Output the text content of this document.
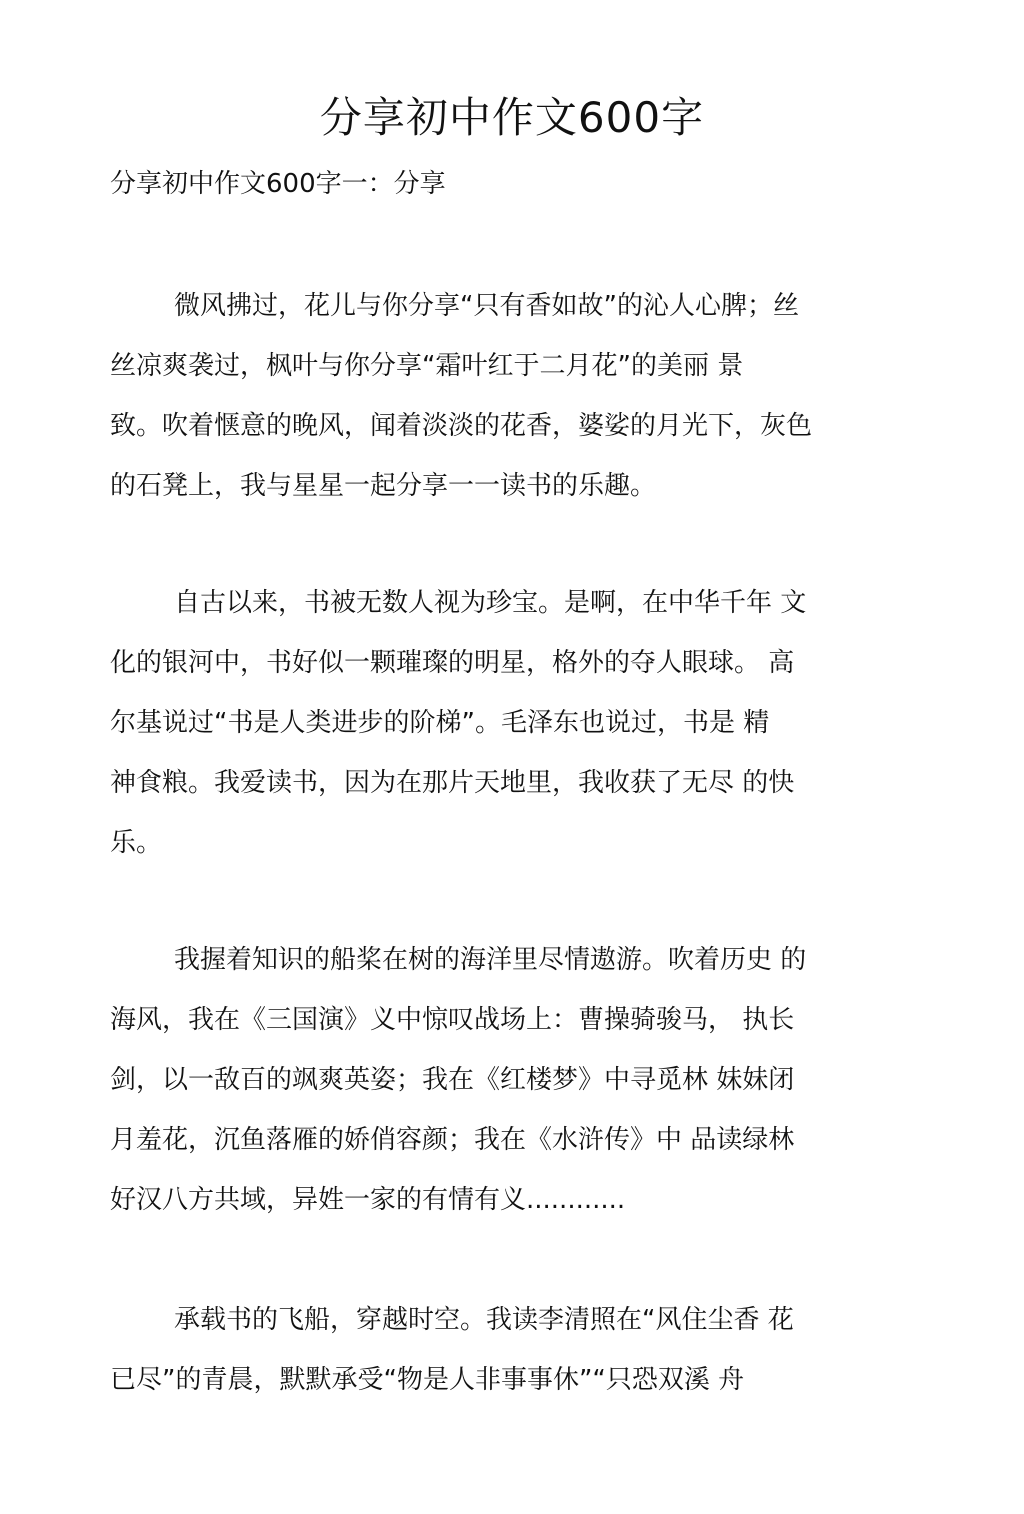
分享初中作文600字

分享初中作文600字一：分享

微风拂过，花儿与你分享“只有香如故”的沁人心脾；丝
丝凉爽袭过，枫叶与你分享“霜叶红于二月花”的美丽 景
致。吹着惬意的晚风，闻着淡淡的花香，婆娑的月光下，灰色
的石凳上，我与星星一起分享一一读书的乐趣。

自古以来，书被无数人视为珍宝。是啊，在中华千年 文
化的银河中，书好似一颗璀璨的明星，格外的夺人眼球。 高
尔基说过“书是人类进步的阶梯”。毛泽东也说过，书是 精
神食粮。我爱读书，因为在那片天地里，我收获了无尽 的快
乐。

我握着知识的船桨在树的海洋里尽情遨游。吹着历史 的
海风，我在《三国演》义中惊叹战场上：曹操骑骏马， 执长
剑，以一敌百的飒爽英姿；我在《红楼梦》中寻觅林 妹妹闭
月羞花，沉鱼落雁的娇俏容颜；我在《水浒传》中 品读绿林
好汉八方共域，异姓一家的有情有义............

承载书的飞船，穿越时空。我读李清照在“风住尘香 花
已尽”的青晨，默默承受“物是人非事事休”“只恐双溪 舟
